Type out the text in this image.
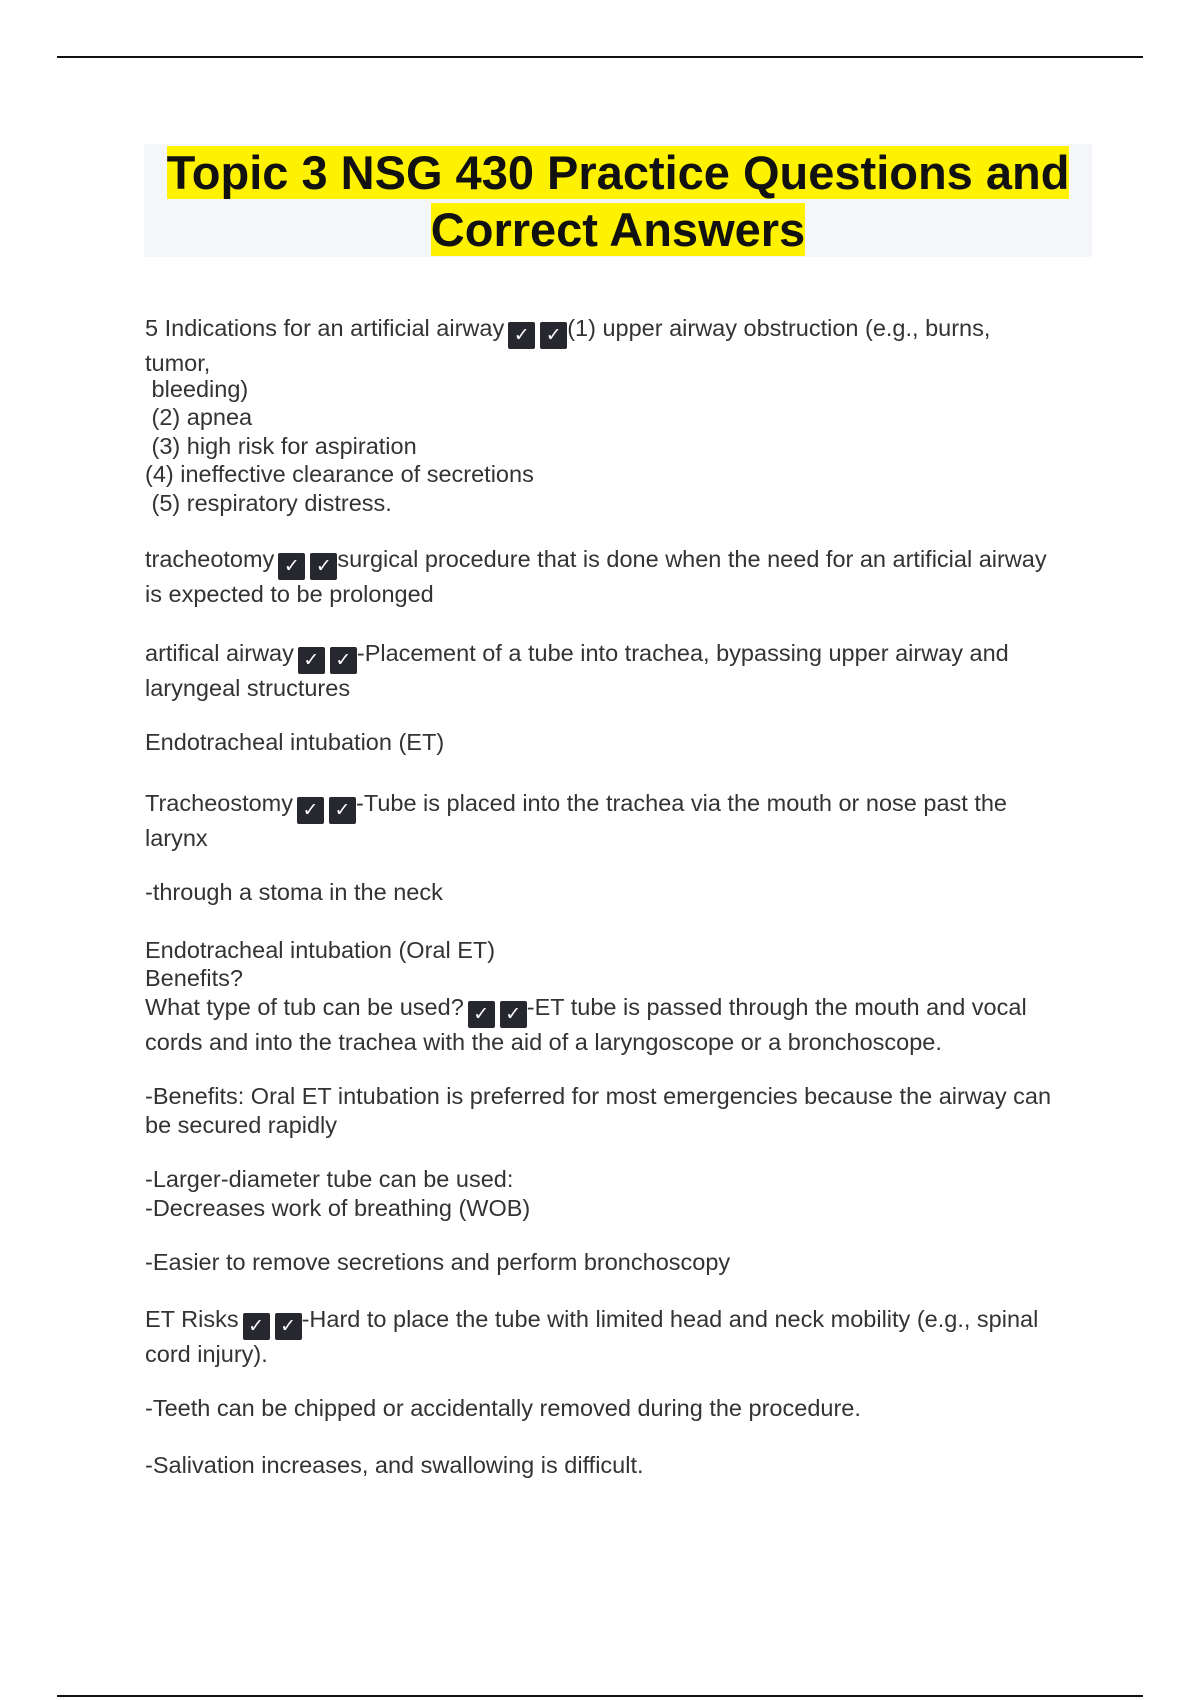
Topic 3 NSG 430 Practice Questions and
Correct Answers
5 Indications for an artificial airway ✓ ✓ (1) upper airway obstruction (e.g., burns,
tumor,
bleeding)
(2) apnea
(3) high risk for aspiration
(4) ineffective clearance of secretions
(5) respiratory distress.
tracheotomy ✓ ✓ surgical procedure that is done when the need for an artificial airway
is expected to be prolonged
artifical airway ✓ ✓ -Placement of a tube into trachea, bypassing upper airway and
laryngeal structures

Endotracheal intubation (ET)

Tracheostomy ✓ ✓ -Tube is placed into the trachea via the mouth or nose past the
larynx

-through a stoma in the neck

Endotracheal intubation (Oral ET)
Benefits?
What type of tub can be used? ✓ ✓ -ET tube is passed through the mouth and vocal
cords and into the trachea with the aid of a laryngoscope or a bronchoscope.
-Benefits: Oral ET intubation is preferred for most emergencies because the airway can
be secured rapidly
-Larger-diameter tube can be used:
-Decreases work of breathing (WOB)

-Easier to remove secretions and perform bronchoscopy

ET Risks ✓ ✓ -Hard to place the tube with limited head and neck mobility (e.g., spinal
cord injury).

-Teeth can be chipped or accidentally removed during the procedure.

-Salivation increases, and swallowing is difficult.
